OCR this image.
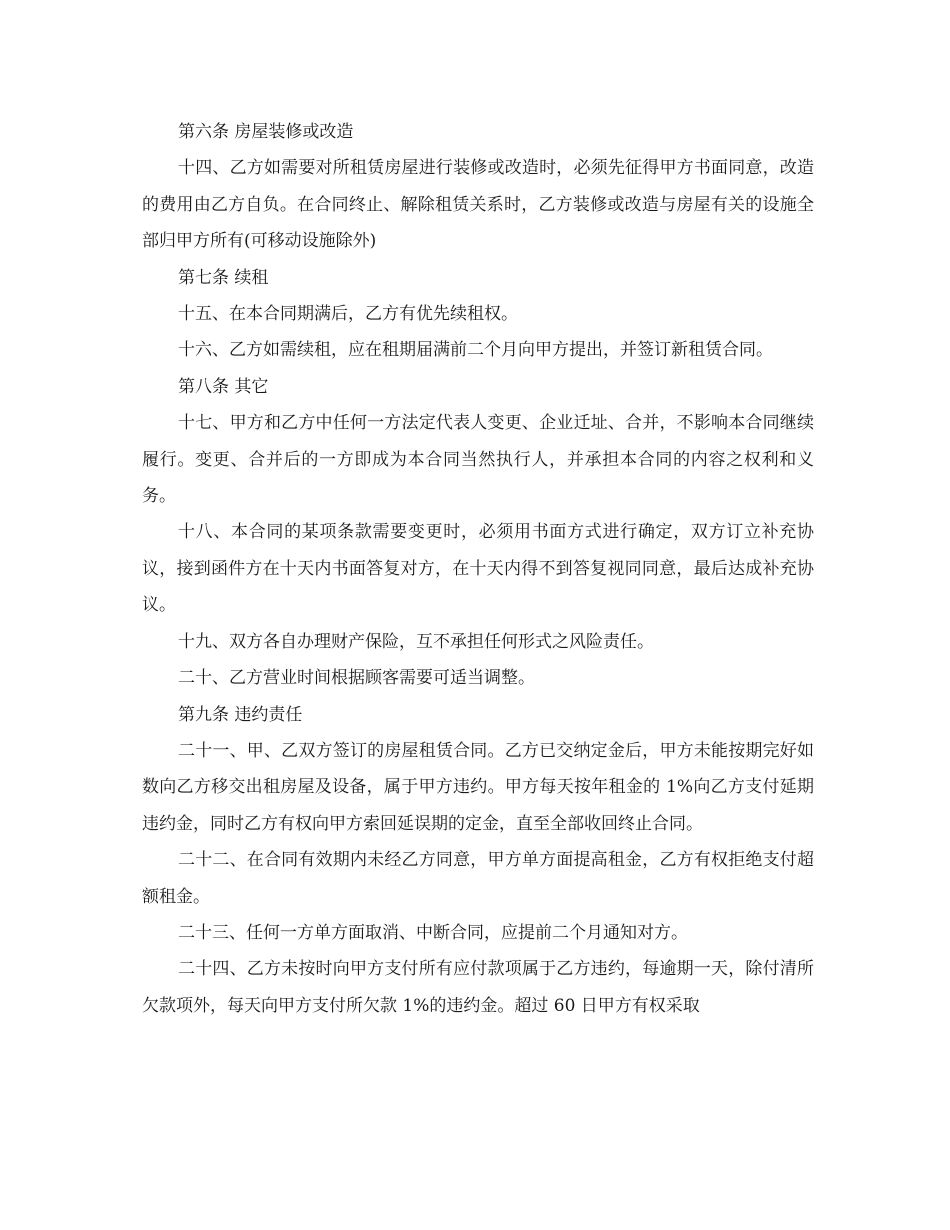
第六条 房屋装修或改造

十四、乙方如需要对所租赁房屋进行装修或改造时，必须先征得甲方书面同意，改造的费用由乙方自负。在合同终止、解除租赁关系时，乙方装修或改造与房屋有关的设施全部归甲方所有(可移动设施除外)

第七条 续租

十五、在本合同期满后，乙方有优先续租权。

十六、乙方如需续租，应在租期届满前二个月向甲方提出，并签订新租赁合同。

第八条 其它

十七、甲方和乙方中任何一方法定代表人变更、企业迁址、合并，不影响本合同继续履行。变更、合并后的一方即成为本合同当然执行人，并承担本合同的内容之权利和义务。

十八、本合同的某项条款需要变更时，必须用书面方式进行确定，双方订立补充协议，接到函件方在十天内书面答复对方，在十天内得不到答复视同同意，最后达成补充协议。

十九、双方各自办理财产保险，互不承担任何形式之风险责任。

二十、乙方营业时间根据顾客需要可适当调整。

第九条 违约责任

二十一、甲、乙双方签订的房屋租赁合同。乙方已交纳定金后，甲方未能按期完好如数向乙方移交出租房屋及设备，属于甲方违约。甲方每天按年租金的 1%向乙方支付延期违约金，同时乙方有权向甲方索回延误期的定金，直至全部收回终止合同。

二十二、在合同有效期内未经乙方同意，甲方单方面提高租金，乙方有权拒绝支付超额租金。

二十三、任何一方单方面取消、中断合同，应提前二个月通知对方。

二十四、乙方未按时向甲方支付所有应付款项属于乙方违约，每逾期一天，除付清所欠款项外，每天向甲方支付所欠款 1%的违约金。超过 60 日甲方有权采取
